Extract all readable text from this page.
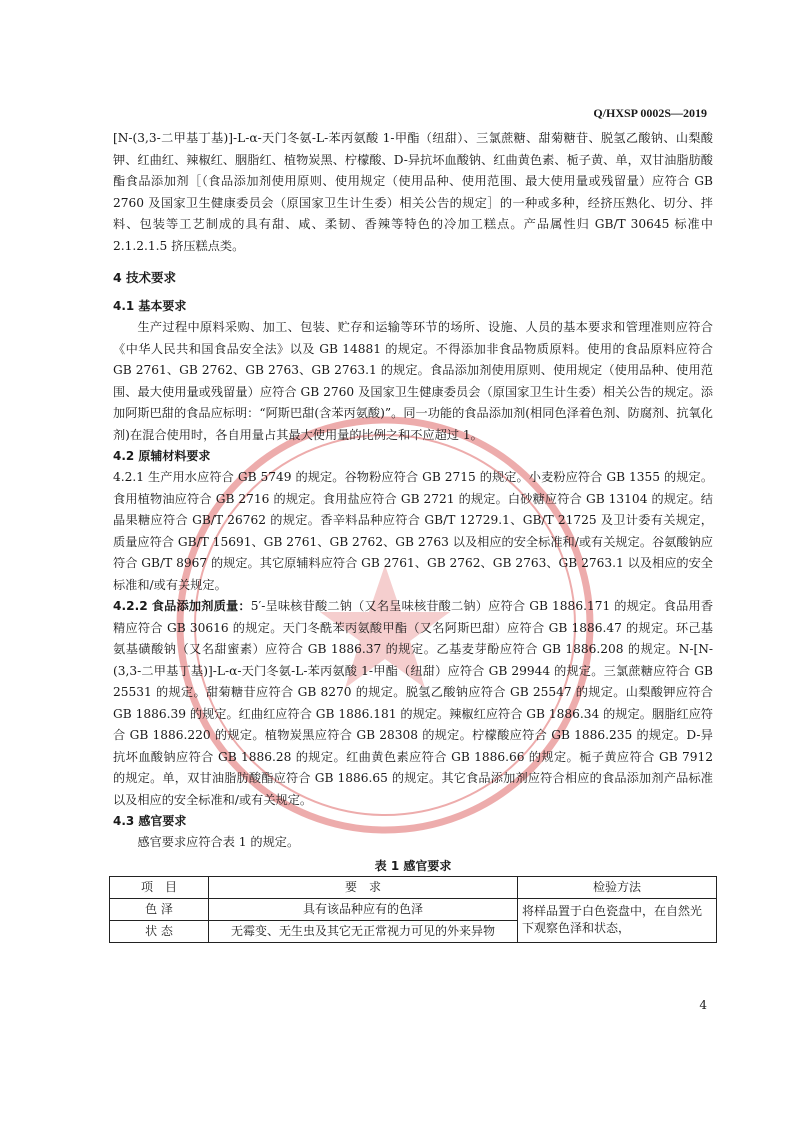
Q/HXSP 0002S—2019

[N-(3,3-二甲基丁基)]-L-α-天门冬氨-L-苯丙氨酸 1-甲酯（纽甜）、三氯蔗糖、甜菊糖苷、脱氢乙酸钠、山梨酸钾、红曲红、辣椒红、胭脂红、植物炭黑、柠檬酸、D-异抗坏血酸钠、红曲黄色素、栀子黄、单，双甘油脂肪酸酯食品添加剂［（食品添加剂使用原则、使用规定（使用品种、使用范围、最大使用量或残留量）应符合 GB 2760 及国家卫生健康委员会（原国家卫生计生委）相关公告的规定］的一种或多种，经挤压熟化、切分、拌料、包装等工艺制成的具有甜、咸、柔韧、香辣等特色的冷加工糕点。产品属性归 GB/T 30645 标准中 2.1.2.1.5 挤压糕点类。

4 技术要求
4.1 基本要求

生产过程中原料采购、加工、包装、贮存和运输等环节的场所、设施、人员的基本要求和管理准则应符合《中华人民共和国食品安全法》以及 GB 14881 的规定。不得添加非食品物质原料。使用的食品原料应符合 GB 2761、GB 2762、GB 2763、GB 2763.1 的规定。食品添加剂使用原则、使用规定（使用品种、使用范围、最大使用量或残留量）应符合 GB 2760 及国家卫生健康委员会（原国家卫生计生委）相关公告的规定。添加阿斯巴甜的食品应标明：“阿斯巴甜(含苯丙氨酸)”。同一功能的食品添加剂(相同色泽着色剂、防腐剂、抗氧化剂)在混合使用时，各自用量占其最大使用量的比例之和不应超过 1。

4.2 原辅材料要求

4.2.1 生产用水应符合 GB 5749 的规定。谷物粉应符合 GB 2715 的规定。小麦粉应符合 GB 1355 的规定。食用植物油应符合 GB 2716 的规定。食用盐应符合 GB 2721 的规定。白砂糖应符合 GB 13104 的规定。结晶果糖应符合 GB/T 26762 的规定。香辛料品种应符合 GB/T 12729.1、GB/T 21725 及卫计委有关规定，质量应符合 GB/T 15691、GB 2761、GB 2762、GB 2763 以及相应的安全标准和/或有关规定。谷氨酸钠应符合 GB/T 8967 的规定。其它原辅料应符合 GB 2761、GB 2762、GB 2763、GB 2763.1 以及相应的安全标准和/或有关规定。

4.2.2 食品添加剂质量：5′-呈味核苷酸二钠（又名呈味核苷酸二钠）应符合 GB 1886.171 的规定。食品用香精应符合 GB 30616 的规定。天门冬酰苯丙氨酸甲酯（又名阿斯巴甜）应符合 GB 1886.47 的规定。环己基氨基磺酸钠（又名甜蜜素）应符合 GB 1886.37 的规定。乙基麦芽酚应符合 GB 1886.208 的规定。N-[N-(3,3-二甲基丁基)]-L-α-天门冬氨-L-苯丙氨酸 1-甲酯（纽甜）应符合 GB 29944 的规定。三氯蔗糖应符合 GB 25531 的规定。甜菊糖苷应符合 GB 8270 的规定。脱氢乙酸钠应符合 GB 25547 的规定。山梨酸钾应符合 GB 1886.39 的规定。红曲红应符合 GB 1886.181 的规定。辣椒红应符合 GB 1886.34 的规定。胭脂红应符合 GB 1886.220 的规定。植物炭黑应符合 GB 28308 的规定。柠檬酸应符合 GB 1886.235 的规定。D-异抗坏血酸钠应符合 GB 1886.28 的规定。红曲黄色素应符合 GB 1886.66 的规定。栀子黄应符合 GB 7912 的规定。单，双甘油脂肪酸酯应符合 GB 1886.65 的规定。其它食品添加剂应符合相应的食品添加剂产品标准以及相应的安全标准和/或有关规定。

4.3 感官要求

感官要求应符合表 1 的规定。

表 1 感官要求
项　目	要　求	检验方法
色 泽	具有该品种应有的色泽	将样品置于白色瓷盘中，在自然光下观察色泽和状态，
状 态	无霉变、无生虫及其它无正常视力可见的外来异物	
4
